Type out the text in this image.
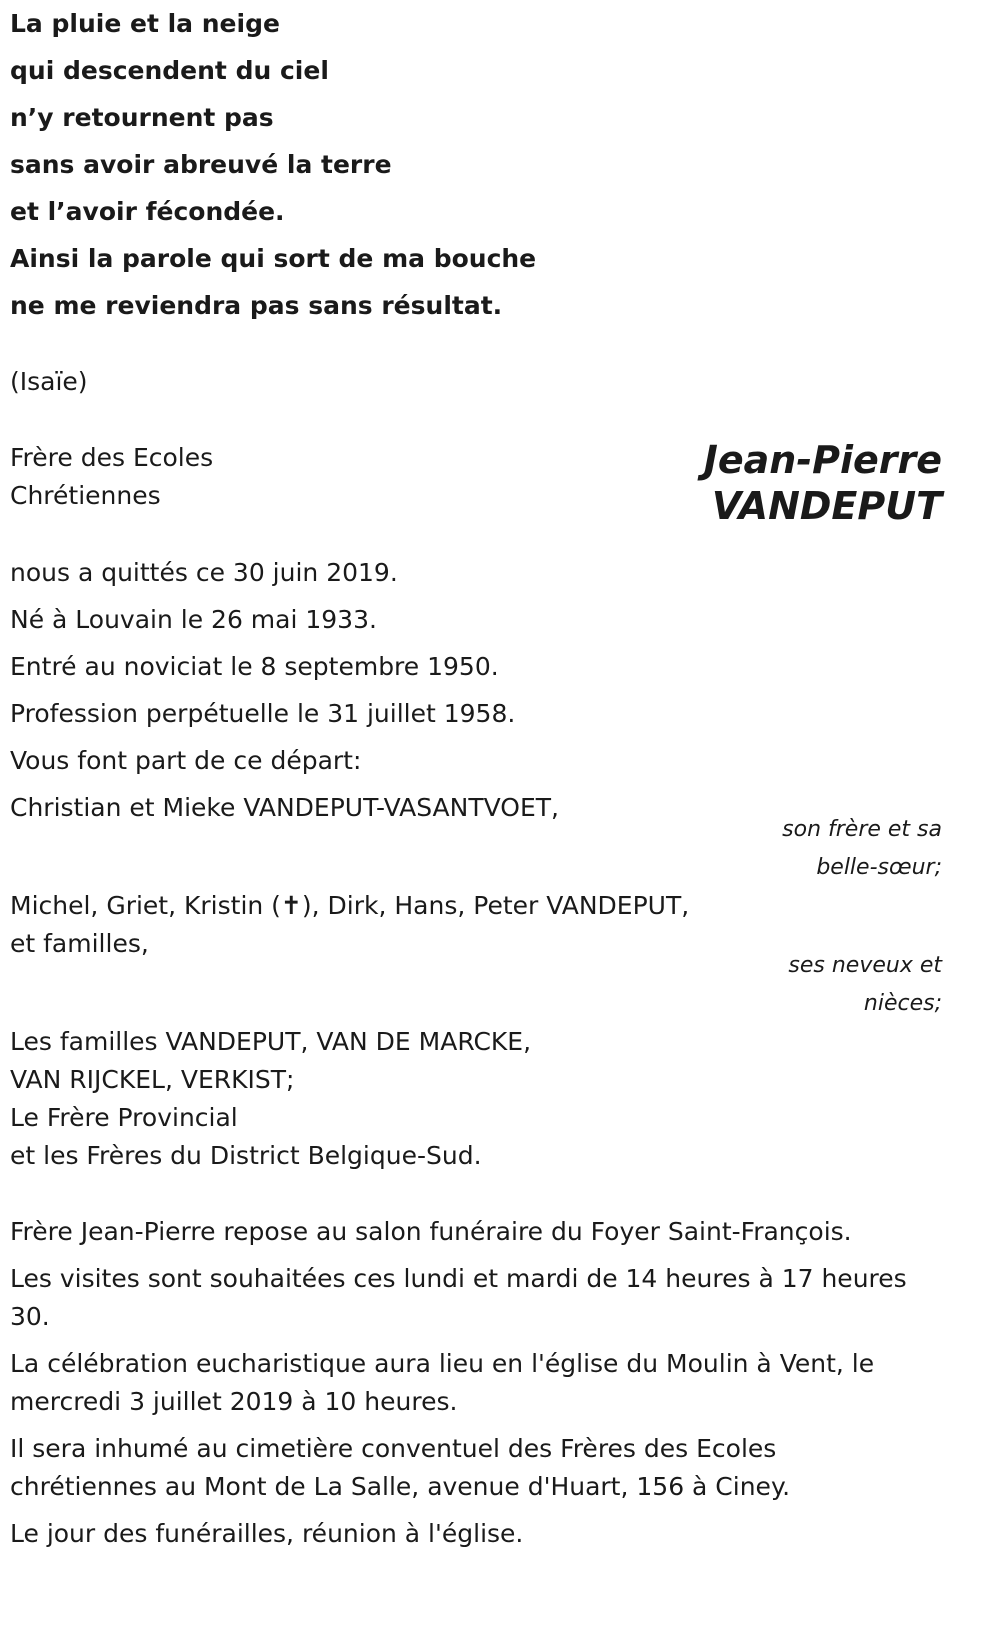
La pluie et la neige
qui descendent du ciel
n’y retournent pas
sans avoir abreuvé la terre
et l’avoir fécondée.
Ainsi la parole qui sort de ma bouche
ne me reviendra pas sans résultat.
(Isaïe)
Frère des Ecoles
Chrétiennes
Jean-Pierre
VANDEPUT
nous a quittés ce 30 juin 2019.
Né à Louvain le 26 mai 1933.
Entré au noviciat le 8 septembre 1950.
Profession perpétuelle le 31 juillet 1958.
Vous font part de ce départ:
Christian et Mieke VANDEPUT-VASANTVOET,
son frère et sa
belle-sœur;
Michel, Griet, Kristin (✝), Dirk, Hans, Peter VANDEPUT,
et familles,
ses neveux et
nièces;
Les familles VANDEPUT, VAN DE MARCKE,
VAN RIJCKEL, VERKIST;
Le Frère Provincial
et les Frères du District Belgique-Sud.
Frère Jean-Pierre repose au salon funéraire du Foyer Saint-François.
Les visites sont souhaitées ces lundi et mardi de 14 heures à 17 heures
30.
La célébration eucharistique aura lieu en l'église du Moulin à Vent, le
mercredi 3 juillet 2019 à 10 heures.
Il sera inhumé au cimetière conventuel des Frères des Ecoles
chrétiennes au Mont de La Salle, avenue d'Huart, 156 à Ciney.
Le jour des funérailles, réunion à l'église.
